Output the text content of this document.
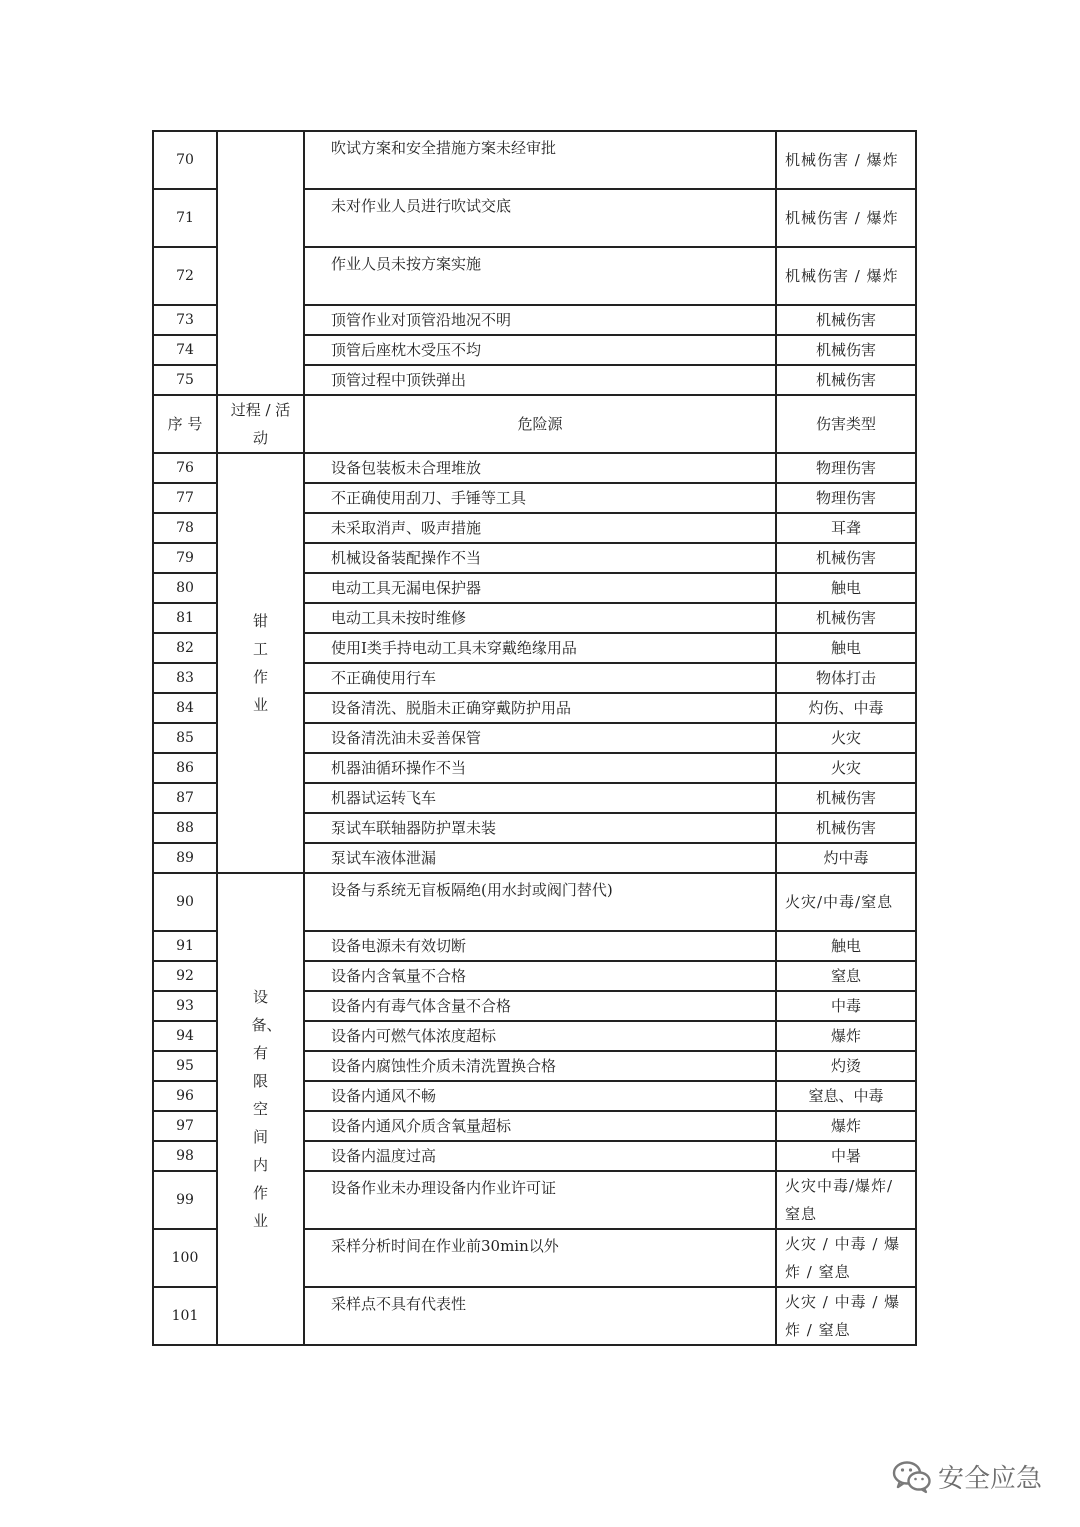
70		吹试方案和安全措施方案未经审批	机械伤害 / 爆炸
71		未对作业人员进行吹试交底	机械伤害 / 爆炸
72		作业人员未按方案实施	机械伤害 / 爆炸
73		顶管作业对顶管沿地况不明	机械伤害
74		顶管后座枕木受压不均	机械伤害
75		顶管过程中顶铁弹出	机械伤害
序 号	过程 / 活动	危险源	伤害类型
76	钳工作业	设备包装板未合理堆放	物理伤害
77		不正确使用刮刀、手锤等工具	物理伤害
78		未采取消声、吸声措施	耳聋
79		机械设备装配操作不当	机械伤害
80		电动工具无漏电保护器	触电
81		电动工具未按时维修	机械伤害
82		使用I类手持电动工具未穿戴绝缘用品	触电
83		不正确使用行车	物体打击
84		设备清洗、脱脂未正确穿戴防护用品	灼伤、中毒
85		设备清洗油未妥善保管	火灾
86		机器油循环操作不当	火灾
87		机器试运转飞车	机械伤害
88		泵试车联轴器防护罩未装	机械伤害
89		泵试车液体泄漏	灼中毒
90	设备、有限空间内作业	设备与系统无盲板隔绝(用水封或阀门替代)	火灾/中毒/窒息
91		设备电源未有效切断	触电
92		设备内含氧量不合格	窒息
93		设备内有毒气体含量不合格	中毒
94		设备内可燃气体浓度超标	爆炸
95		设备内腐蚀性介质未清洗置换合格	灼烫
96		设备内通风不畅	窒息、中毒
97		设备内通风介质含氧量超标	爆炸
98		设备内温度过高	中暑
99		设备作业未办理设备内作业许可证	火灾中毒/爆炸/窒息
100		采样分析时间在作业前30min以外	火灾 / 中毒 / 爆炸 / 窒息
101		采样点不具有代表性	火灾 / 中毒 / 爆炸 / 窒息
安全应急
